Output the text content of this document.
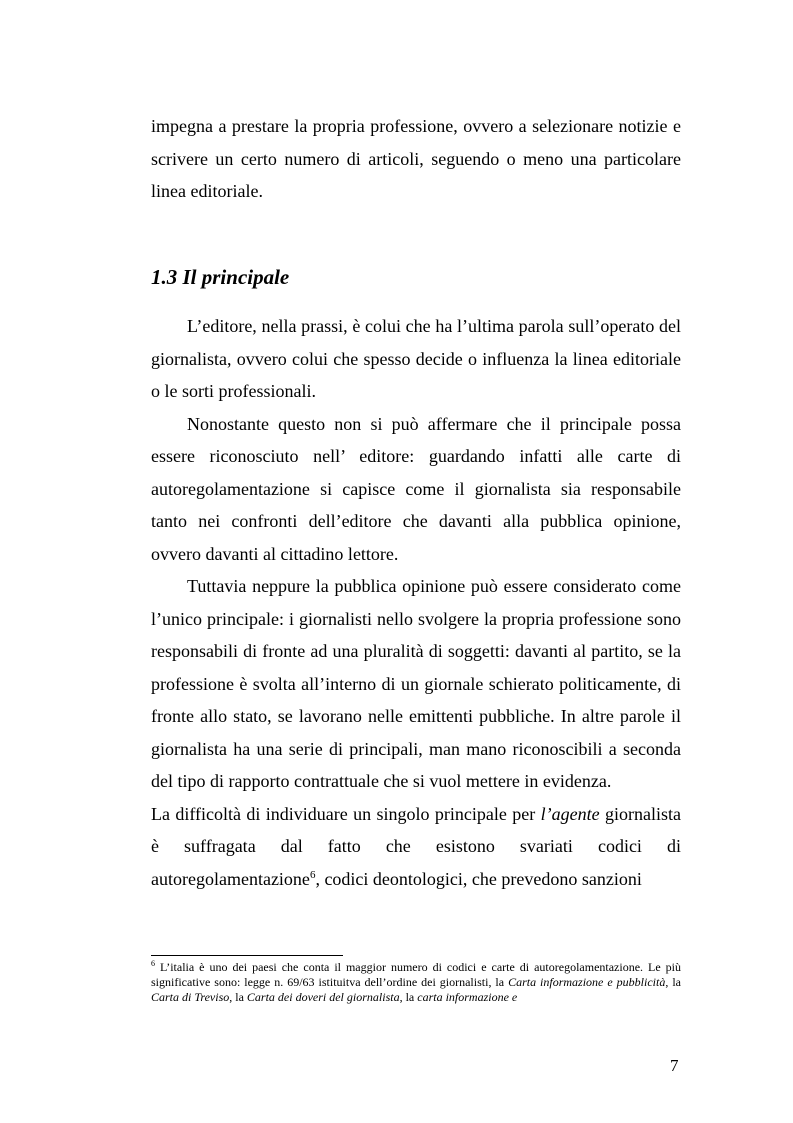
impegna a prestare la propria professione, ovvero a selezionare notizie e scrivere un certo numero di articoli, seguendo o meno una particolare linea editoriale.

1.3 Il principale

L’editore, nella prassi, è colui che ha l’ultima parola sull’operato del giornalista, ovvero colui che spesso decide o influenza la linea editoriale o le sorti professionali.

Nonostante questo non si può affermare che il principale possa essere riconosciuto nell’ editore: guardando infatti alle carte di autoregolamentazione si capisce come il giornalista sia responsabile tanto nei confronti dell’editore che davanti alla pubblica opinione, ovvero davanti al cittadino lettore.

Tuttavia neppure la pubblica opinione può essere considerato come l’unico principale: i giornalisti nello svolgere la propria professione sono responsabili di fronte ad una pluralità di soggetti: davanti al partito, se la professione è svolta all’interno di un giornale schierato politicamente, di fronte allo stato, se lavorano nelle emittenti pubbliche. In altre parole il giornalista ha una serie di principali, man mano riconoscibili a seconda del tipo di rapporto contrattuale che si vuol mettere in evidenza.

La difficoltà di individuare un singolo principale per l’agente giornalista è suffragata dal fatto che esistono svariati codici di autoregolamentazione$^6$, codici deontologici, che prevedono sanzioni

$^6$ L’italia è uno dei paesi che conta il maggior numero di codici e carte di autoregolamentazione. Le più significative sono: legge n. 69/63 istituitva dell’ordine dei giornalisti, la Carta informazione e pubblicità, la Carta di Treviso, la Carta dei doveri del giornalista, la carta informazione e

7
